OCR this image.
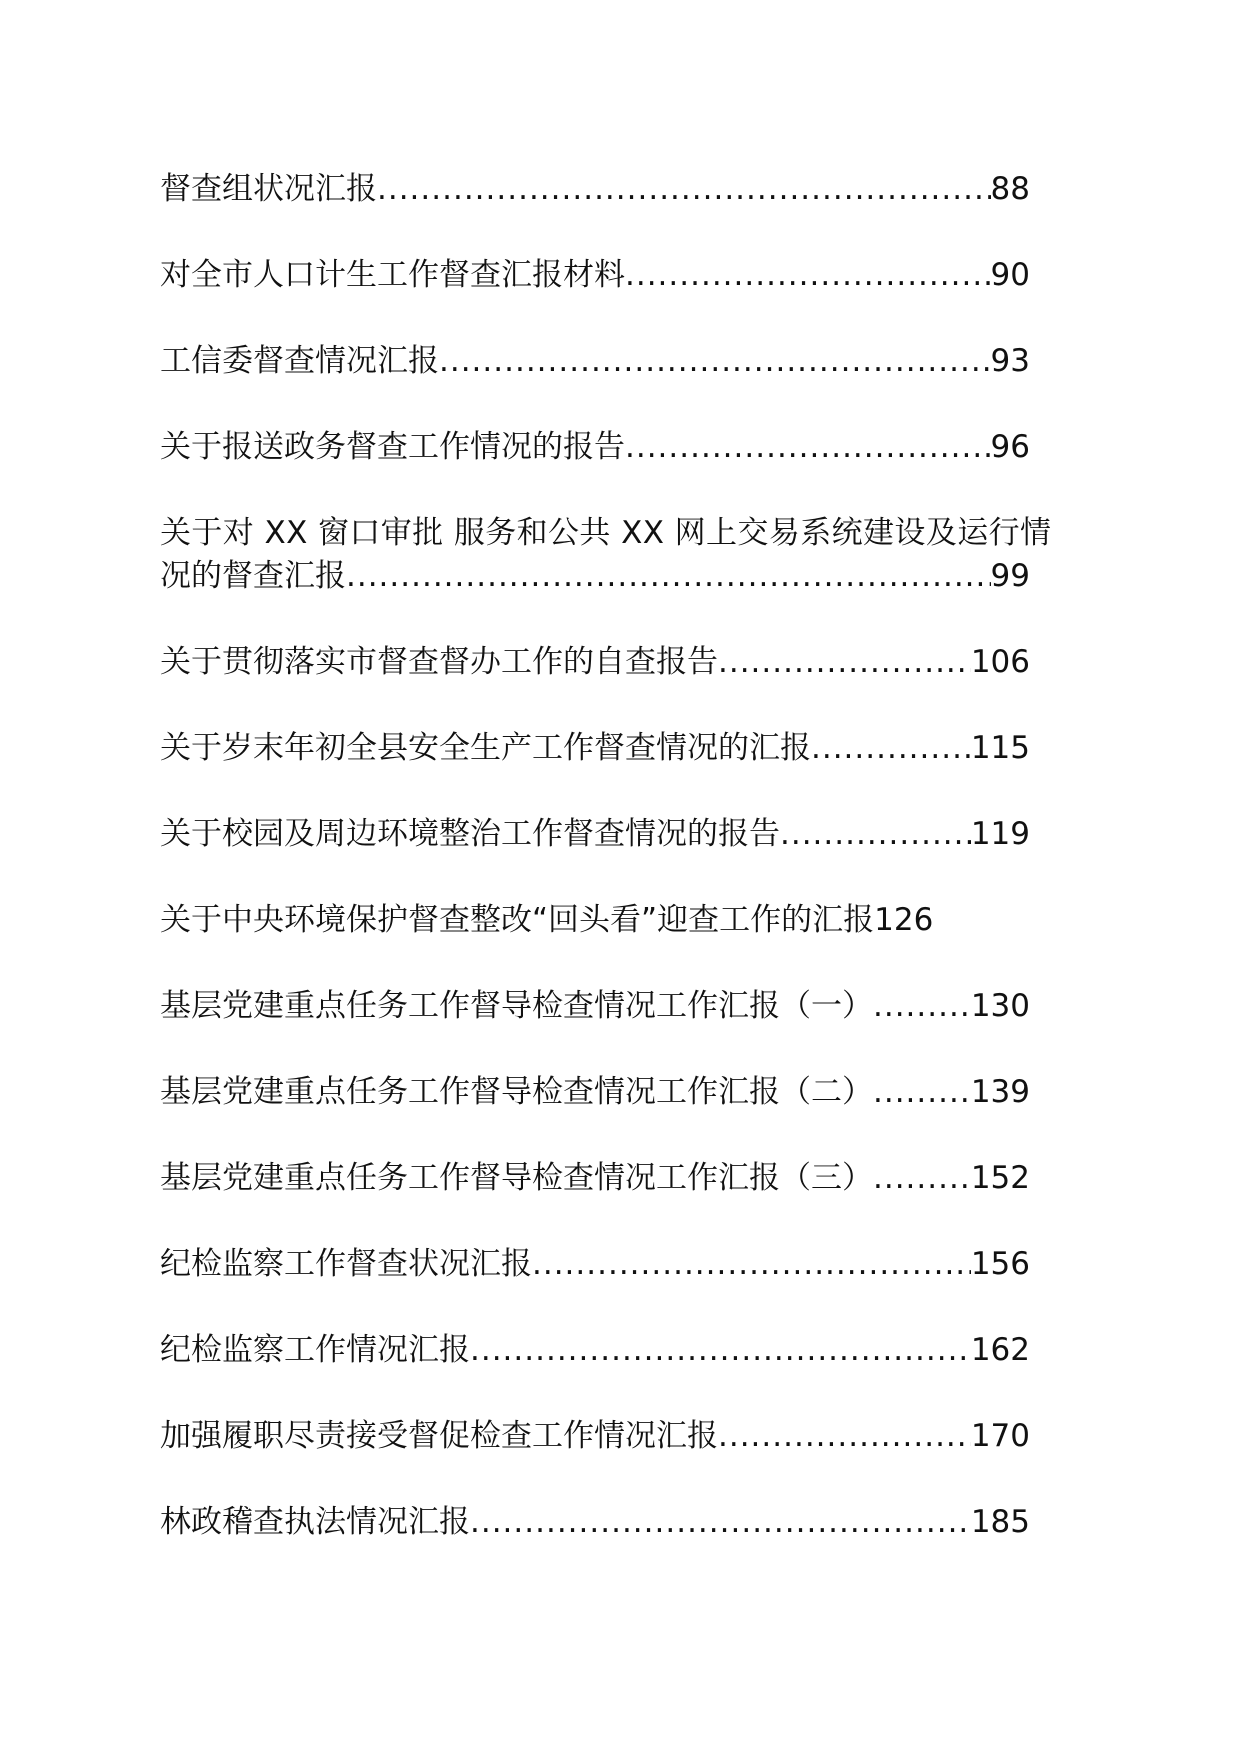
督查组状况汇报 .....	88
对全市人口计生工作督查汇报材料 .....	90
工信委督查情况汇报 .....	93
关于报送政务督查工作情况的报告 .....	96
关于对 XX 窗口审批 服务和公共 XX 网上交易系统建设及运行情
况的督查汇报 .....	99
关于贯彻落实市督查督办工作的自查报告 .....	106
关于岁末年初全县安全生产工作督查情况的汇报 .....	115
关于校园及周边环境整治工作督查情况的报告 .....	119
关于中央环境保护督查整改“回头看”迎查工作的汇报 126
基层党建重点任务工作督导检查情况工作汇报（一） .....	130
基层党建重点任务工作督导检查情况工作汇报（二） .....	139
基层党建重点任务工作督导检查情况工作汇报（三） .....	152
纪检监察工作督查状况汇报 .....	156
纪检监察工作情况汇报 .....	162
加强履职尽责接受督促检查工作情况汇报 .....	170
林政稽查执法情况汇报 .....	185
